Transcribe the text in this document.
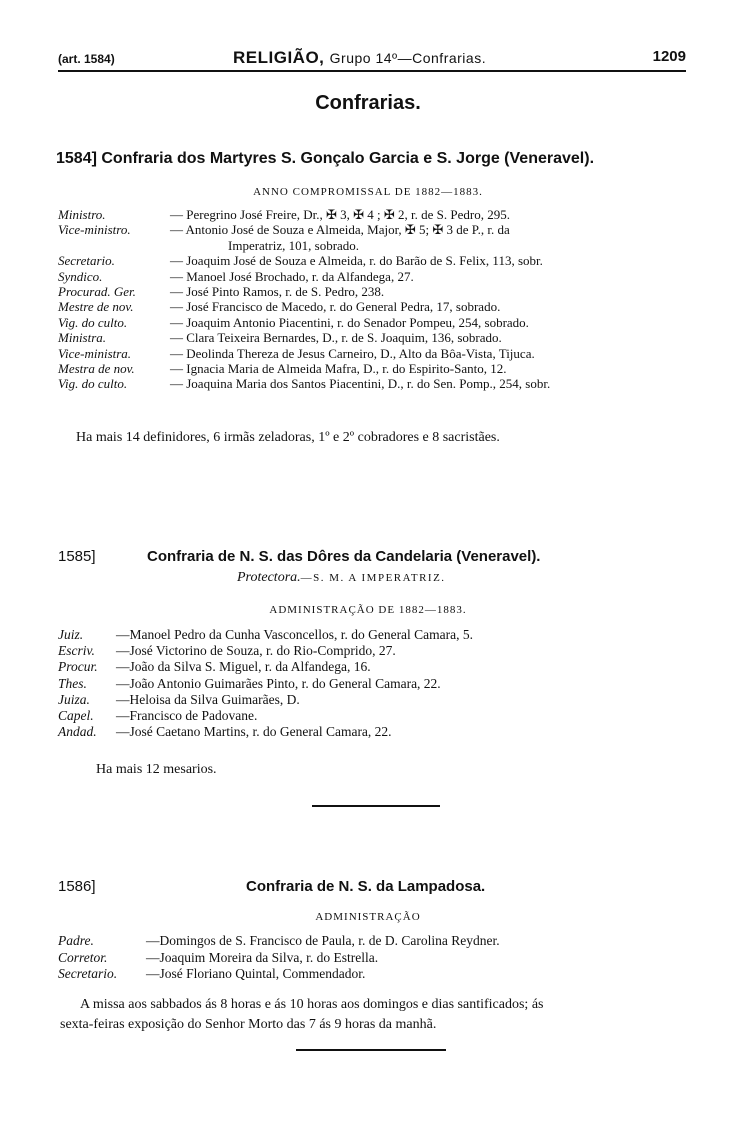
(art. 1584)	RELIGIÃO, Grupo 14º—Confrarias.	1209
Confrarias.
1584] Confraria dos Martyres S. Gonçalo Garcia e S. Jorge (Veneravel).
ANNO COMPROMISSAL DE 1882—1883.
Ministro.	— Peregrino José Freire, Dr., ✠ 3, ✠ 4 ; ✠ 2, r. de S. Pedro, 295.
Vice-ministro.	— Antonio José de Souza e Almeida, Major, ✠ 5; ✠ 3 de P., r. da
Imperatriz, 101, sobrado.
Secretario.	— Joaquim José de Souza e Almeida, r. do Barão de S. Felix, 113, sobr.
Syndico.	— Manoel José Brochado, r. da Alfandega, 27.
Procurad. Ger.	— José Pinto Ramos, r. de S. Pedro, 238.
Mestre de nov.	— José Francisco de Macedo, r. do General Pedra, 17, sobrado.
Vig. do culto.	— Joaquim Antonio Piacentini, r. do Senador Pompeu, 254, sobrado.
Ministra.	— Clara Teixeira Bernardes, D., r. de S. Joaquim, 136, sobrado.
Vice-ministra.	— Deolinda Thereza de Jesus Carneiro, D., Alto da Bôa-Vista, Tijuca.
Mestra de nov.	— Ignacia Maria de Almeida Mafra, D., r. do Espirito-Santo, 12.
Vig. do culto.	— Joaquina Maria dos Santos Piacentini, D., r. do Sen. Pomp., 254, sobr.
Ha mais 14 definidores, 6 irmãs zeladoras, 1º e 2º cobradores e 8 sacristães.
1585]	Confraria de N. S. das Dôres da Candelaria (Veneravel).
Protectora.—S. M. A IMPERATRIZ.
ADMINISTRAÇÃO DE 1882—1883.
Juiz.	—Manoel Pedro da Cunha Vasconcellos, r. do General Camara, 5.
Escriv.	—José Victorino de Souza, r. do Rio-Comprido, 27.
Procur.	—João da Silva S. Miguel, r. da Alfandega, 16.
Thes.	—João Antonio Guimarães Pinto, r. do General Camara, 22.
Juiza.	—Heloisa da Silva Guimarães, D.
Capel.	—Francisco de Padovane.
Andad.	—José Caetano Martins, r. do General Camara, 22.
Ha mais 12 mesarios.
1586]	Confraria de N. S. da Lampadosa.
ADMINISTRAÇÃO
Padre.	—Domingos de S. Francisco de Paula, r. de D. Carolina Reydner.
Corretor.	—Joaquim Moreira da Silva, r. do Estrella.
Secretario.	—José Floriano Quintal, Commendador.
A missa aos sabbados ás 8 horas e ás 10 horas aos domingos e dias santificados; ás
sexta-feiras exposição do Senhor Morto das 7 ás 9 horas da manhã.
